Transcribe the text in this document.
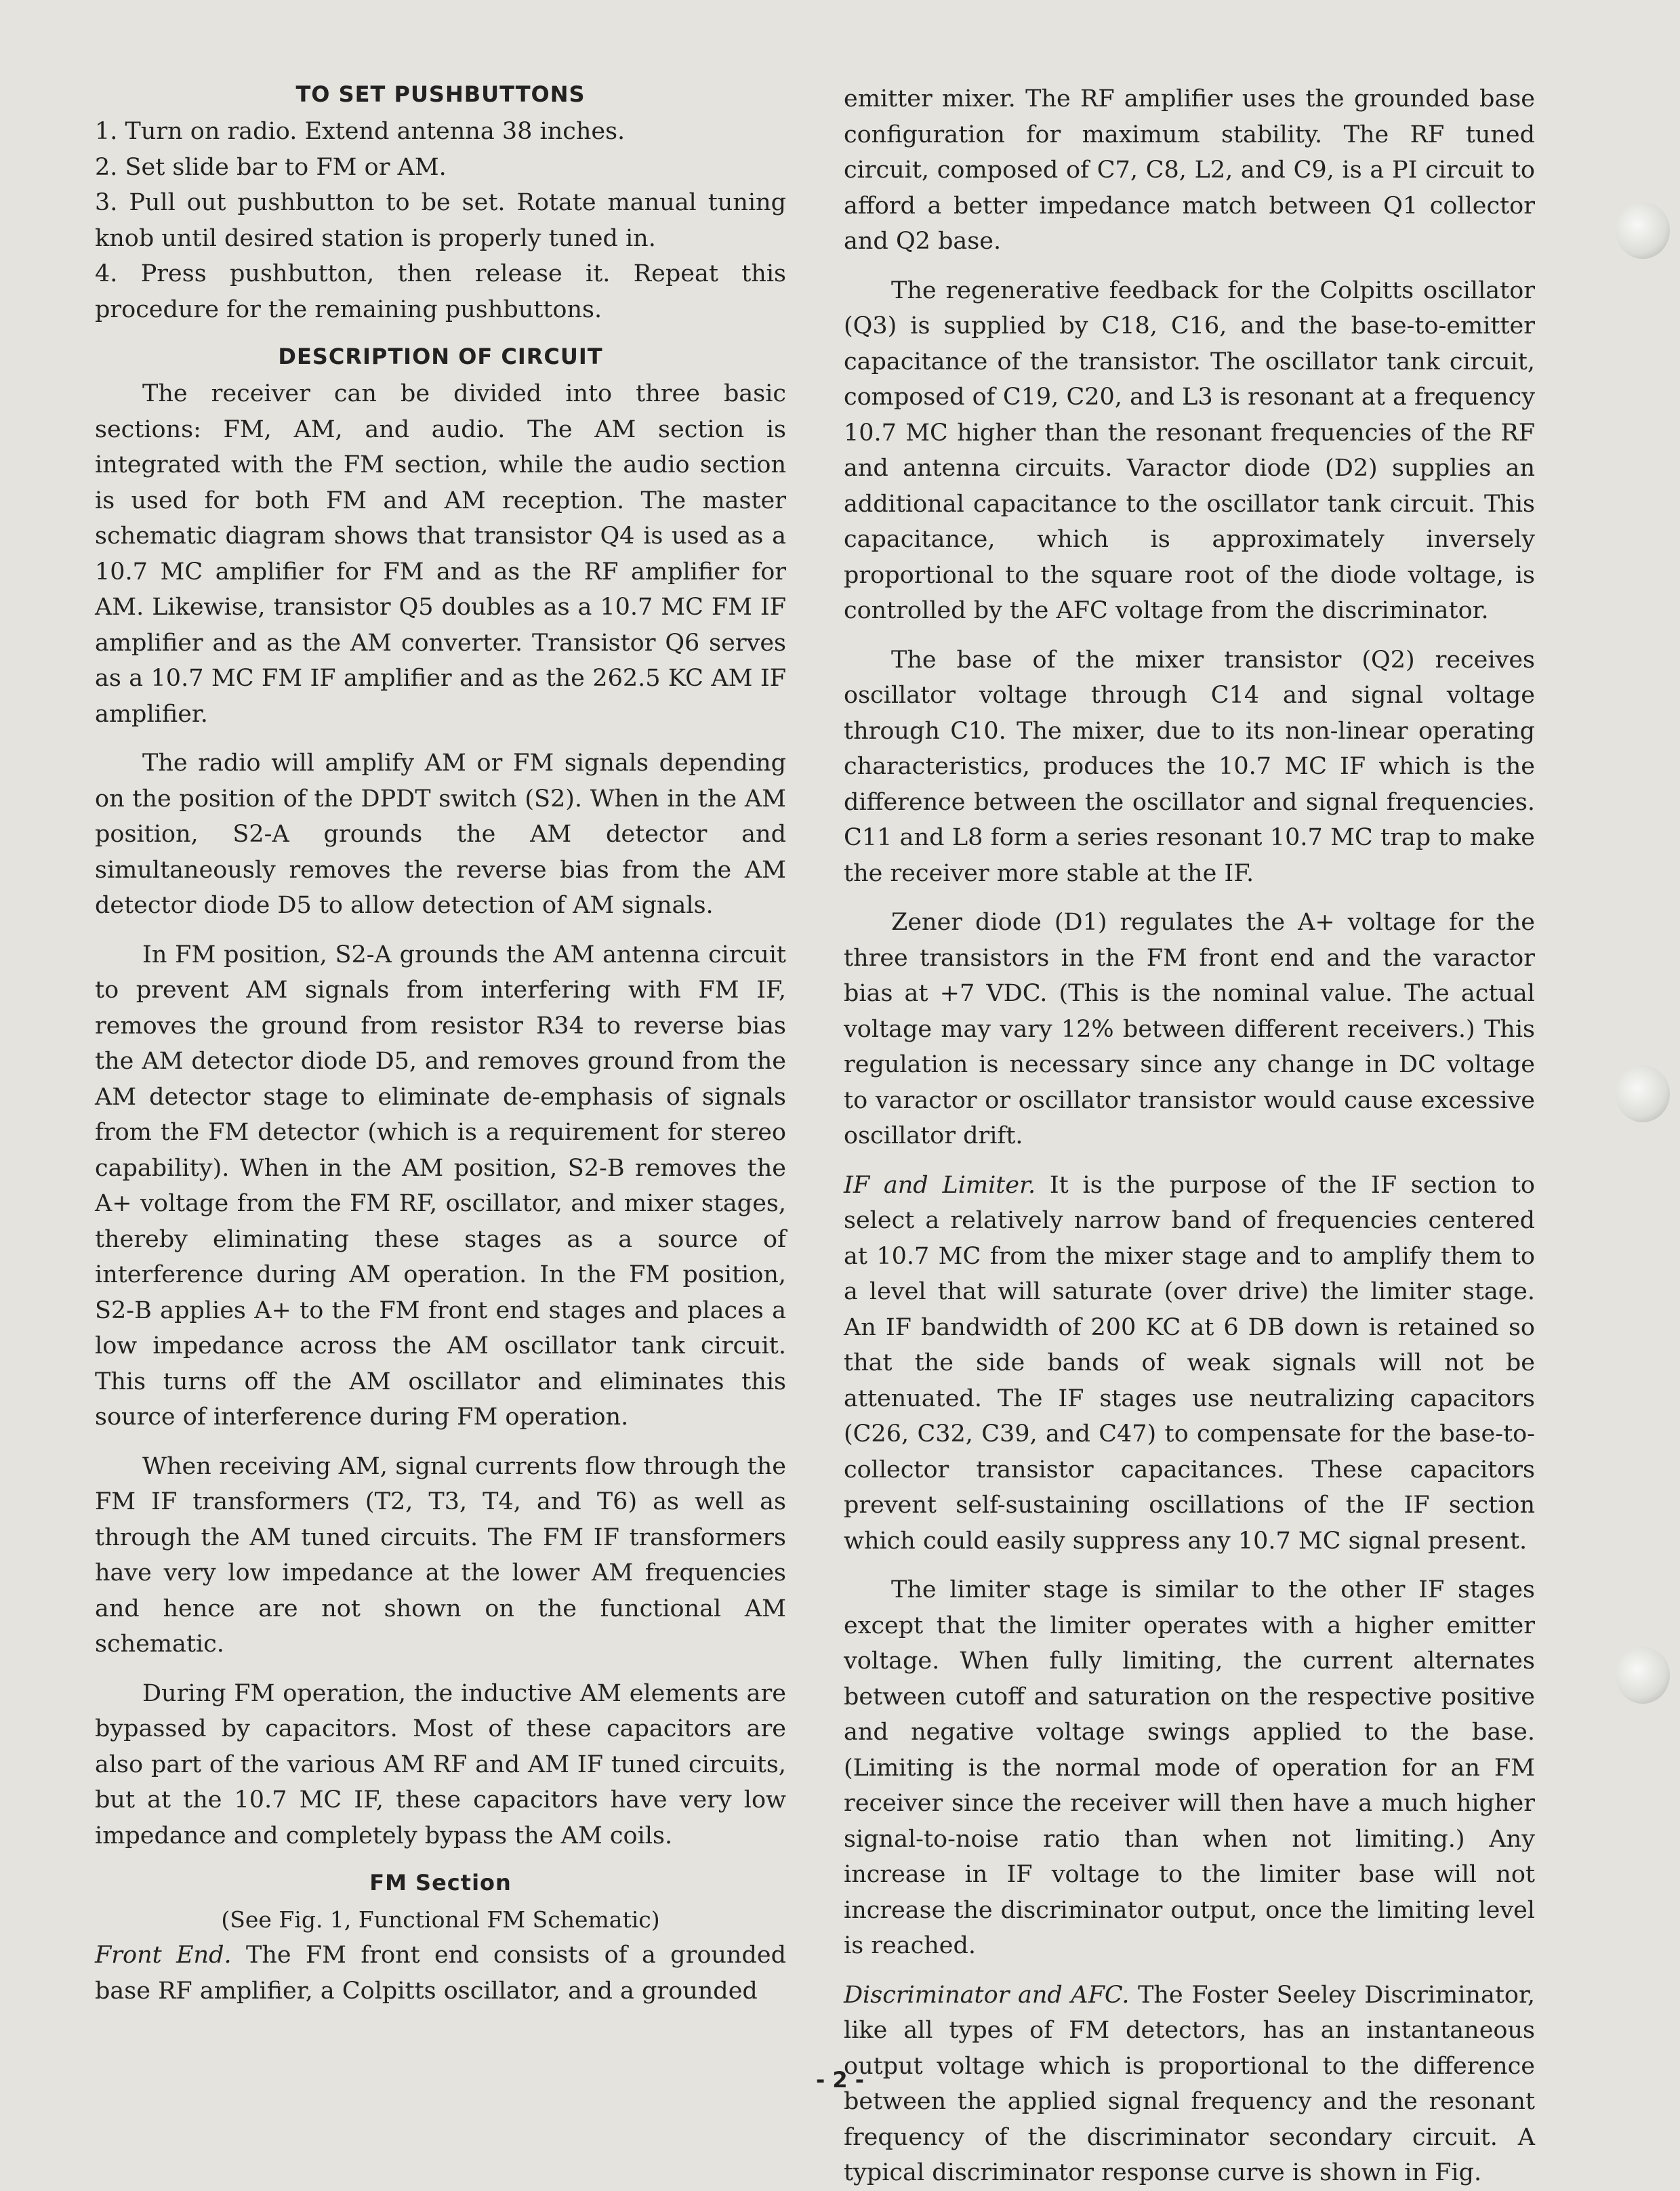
TO SET PUSHBUTTONS

1. Turn on radio. Extend antenna 38 inches.

2. Set slide bar to FM or AM.

3. Pull out pushbutton to be set. Rotate manual tuning knob until desired station is properly tuned in.

4. Press pushbutton, then release it. Repeat this procedure for the remaining pushbuttons.

DESCRIPTION OF CIRCUIT

The receiver can be divided into three basic sections: FM, AM, and audio. The AM section is integrated with the FM section, while the audio section is used for both FM and AM reception. The master schematic diagram shows that transistor Q4 is used as a 10.7 MC amplifier for FM and as the RF amplifier for AM. Likewise, transistor Q5 doubles as a 10.7 MC FM IF amplifier and as the AM converter. Transistor Q6 serves as a 10.7 MC FM IF amplifier and as the 262.5 KC AM IF amplifier.

The radio will amplify AM or FM signals depending on the position of the DPDT switch (S2). When in the AM position, S2-A grounds the AM detector and simultaneously removes the reverse bias from the AM detector diode D5 to allow detection of AM signals.

In FM position, S2-A grounds the AM antenna circuit to prevent AM signals from interfering with FM IF, removes the ground from resistor R34 to reverse bias the AM detector diode D5, and removes ground from the AM detector stage to eliminate de-emphasis of signals from the FM detector (which is a requirement for stereo capability). When in the AM position, S2-B removes the A+ voltage from the FM RF, oscillator, and mixer stages, thereby eliminating these stages as a source of interference during AM operation. In the FM position, S2-B applies A+ to the FM front end stages and places a low impedance across the AM oscillator tank circuit. This turns off the AM oscillator and eliminates this source of interference during FM operation.

When receiving AM, signal currents flow through the FM IF transformers (T2, T3, T4, and T6) as well as through the AM tuned circuits. The FM IF transformers have very low impedance at the lower AM frequencies and hence are not shown on the functional AM schematic.

During FM operation, the inductive AM elements are bypassed by capacitors. Most of these capacitors are also part of the various AM RF and AM IF tuned circuits, but at the 10.7 MC IF, these capacitors have very low impedance and completely bypass the AM coils.

FM Section
(See Fig. 1, Functional FM Schematic)

Front End. The FM front end consists of a grounded base RF amplifier, a Colpitts oscillator, and a grounded

emitter mixer. The RF amplifier uses the grounded base configuration for maximum stability. The RF tuned circuit, composed of C7, C8, L2, and C9, is a PI circuit to afford a better impedance match between Q1 collector and Q2 base.

The regenerative feedback for the Colpitts oscillator (Q3) is supplied by C18, C16, and the base-to-emitter capacitance of the transistor. The oscillator tank circuit, composed of C19, C20, and L3 is resonant at a frequency 10.7 MC higher than the resonant frequencies of the RF and antenna circuits. Varactor diode (D2) supplies an additional capacitance to the oscillator tank circuit. This capacitance, which is approximately inversely proportional to the square root of the diode voltage, is controlled by the AFC voltage from the discriminator.

The base of the mixer transistor (Q2) receives oscillator voltage through C14 and signal voltage through C10. The mixer, due to its non-linear operating characteristics, produces the 10.7 MC IF which is the difference between the oscillator and signal frequencies. C11 and L8 form a series resonant 10.7 MC trap to make the receiver more stable at the IF.

Zener diode (D1) regulates the A+ voltage for the three transistors in the FM front end and the varactor bias at +7 VDC. (This is the nominal value. The actual voltage may vary 12% between different receivers.) This regulation is necessary since any change in DC voltage to varactor or oscillator transistor would cause excessive oscillator drift.

IF and Limiter. It is the purpose of the IF section to select a relatively narrow band of frequencies centered at 10.7 MC from the mixer stage and to amplify them to a level that will saturate (over drive) the limiter stage. An IF bandwidth of 200 KC at 6 DB down is retained so that the side bands of weak signals will not be attenuated. The IF stages use neutralizing capacitors (C26, C32, C39, and C47) to compensate for the base-to-collector transistor capacitances. These capacitors prevent self-sustaining oscillations of the IF section which could easily suppress any 10.7 MC signal present.

The limiter stage is similar to the other IF stages except that the limiter operates with a higher emitter voltage. When fully limiting, the current alternates between cutoff and saturation on the respective positive and negative voltage swings applied to the base. (Limiting is the normal mode of operation for an FM receiver since the receiver will then have a much higher signal-to-noise ratio than when not limiting.) Any increase in IF voltage to the limiter base will not increase the discriminator output, once the limiting level is reached.

Discriminator and AFC. The Foster Seeley Discriminator, like all types of FM detectors, has an instantaneous output voltage which is proportional to the difference between the applied signal frequency and the resonant frequency of the discriminator secondary circuit. A typical discriminator response curve is shown in Fig.

- 2 -
